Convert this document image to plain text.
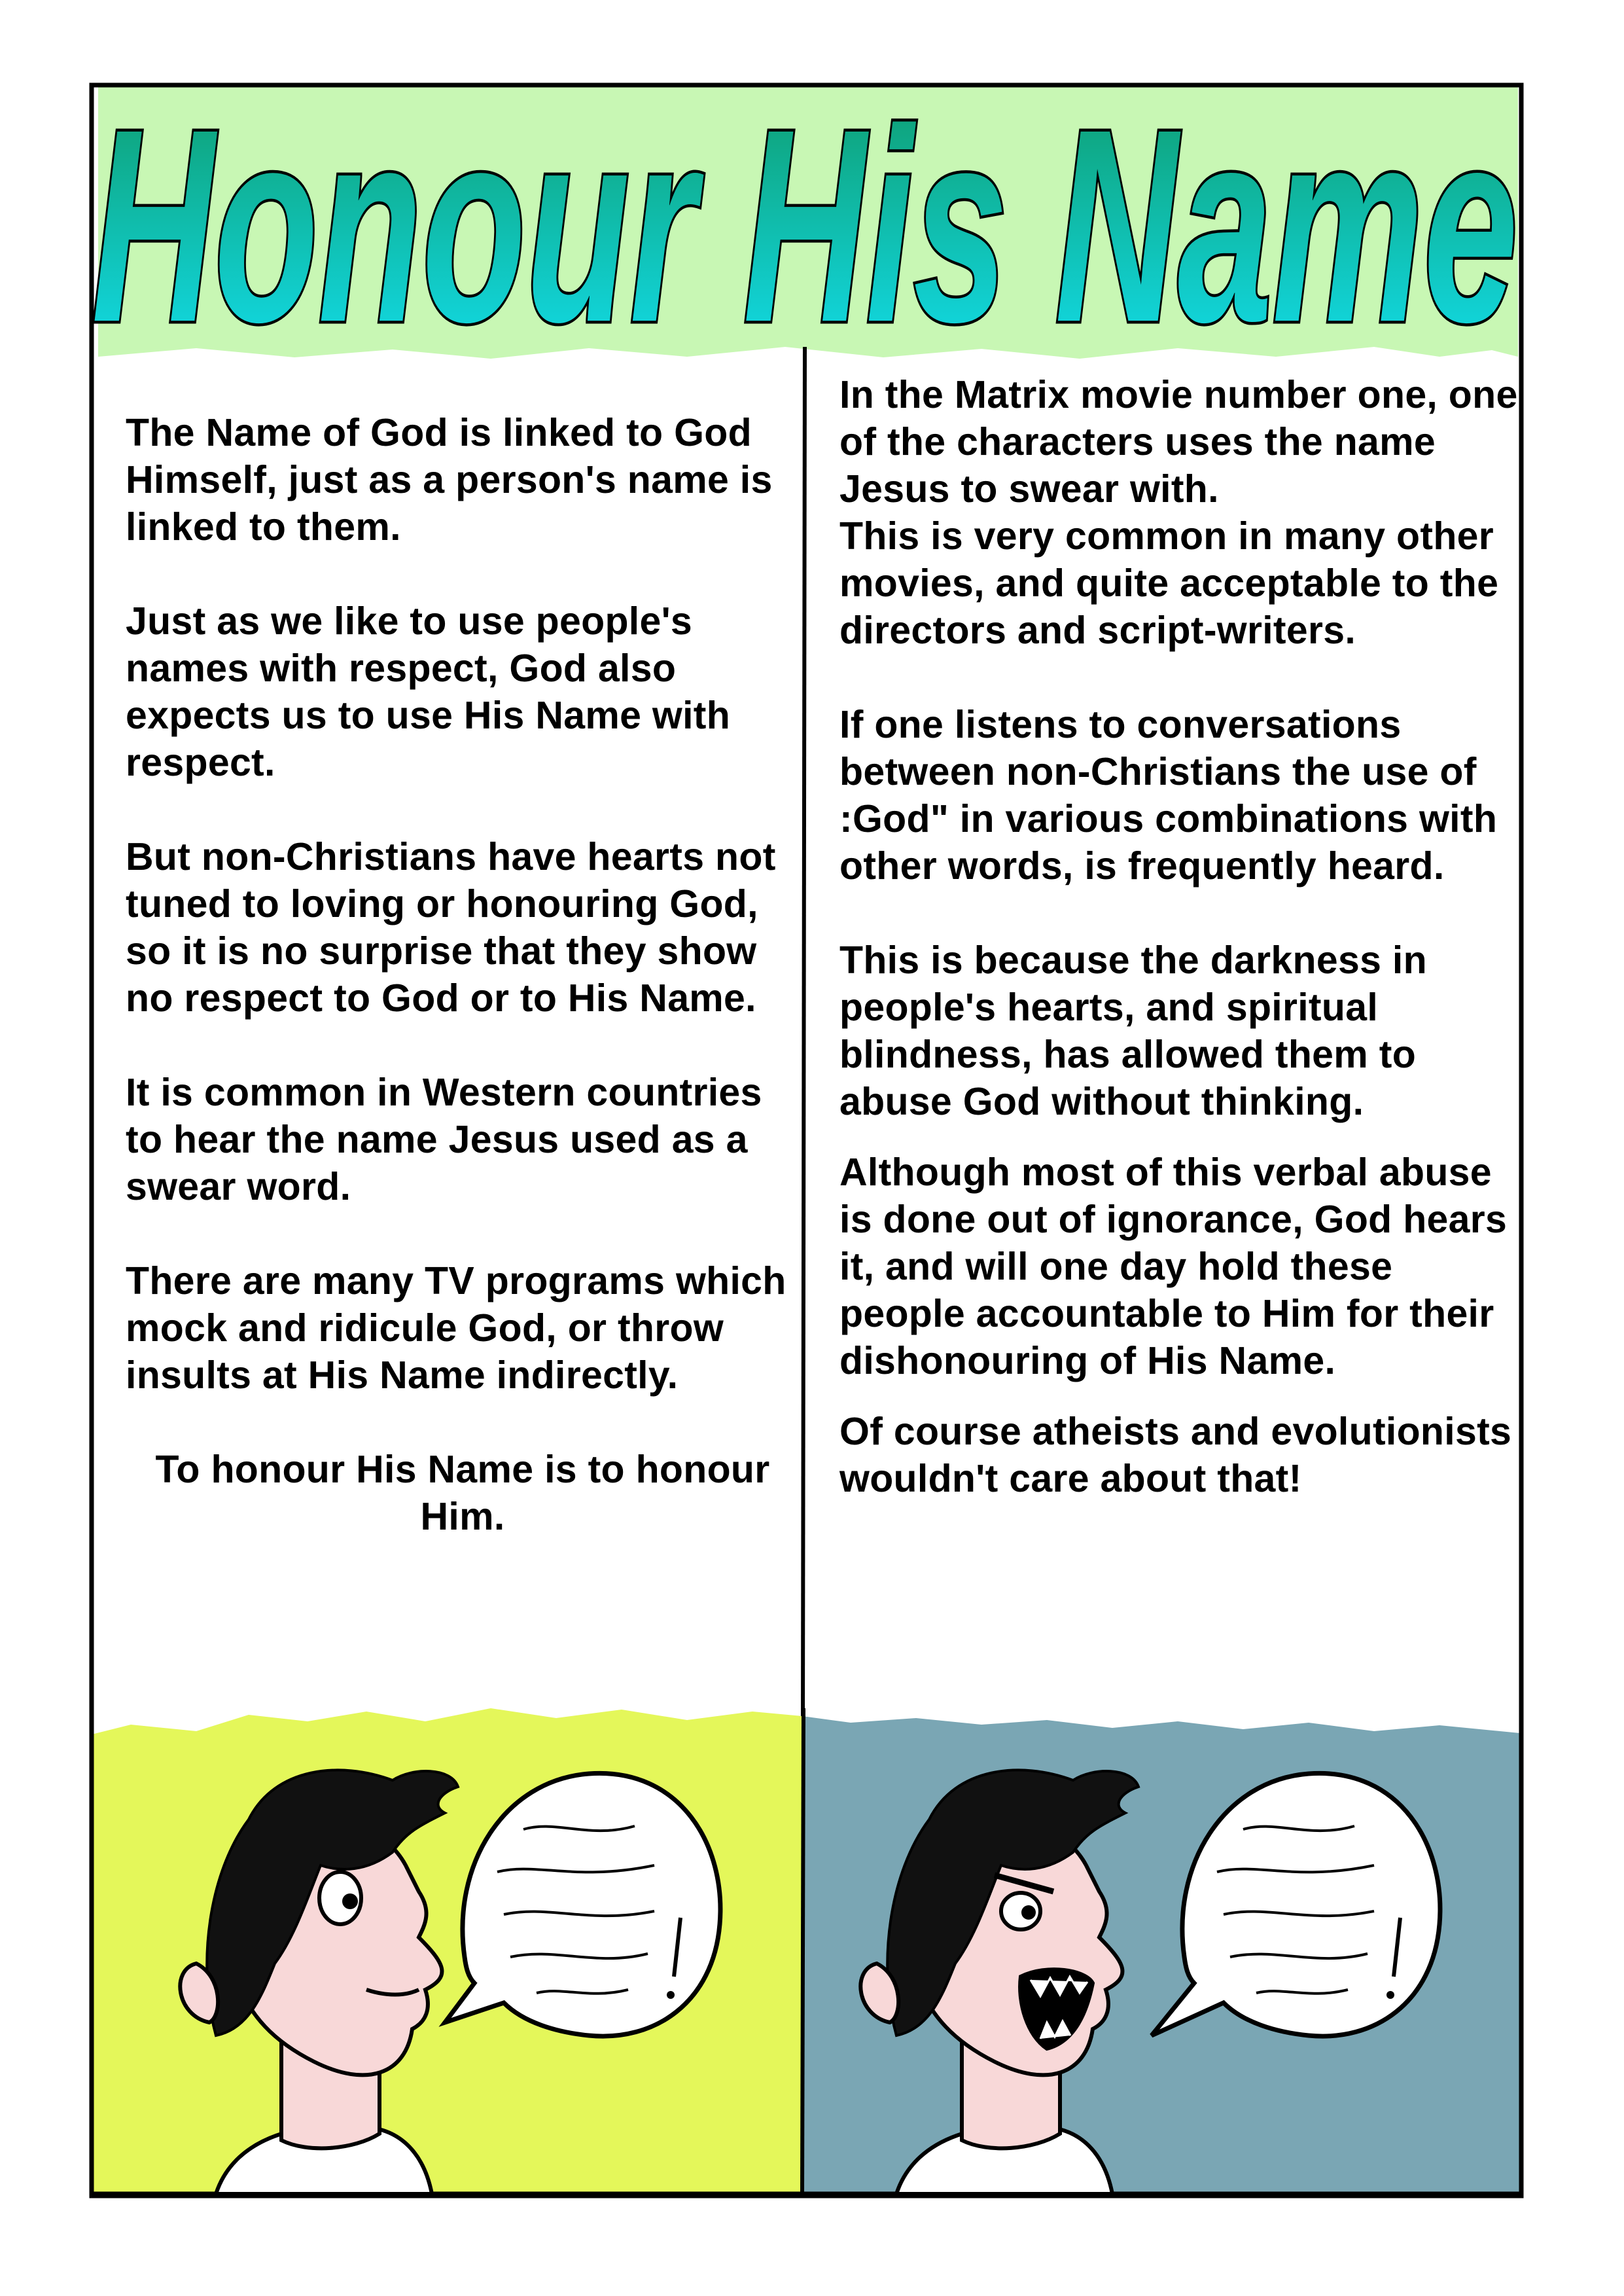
Honour His Name

The Name of God is linked to God Himself, just as a person's name is linked to them.

Just as we like to use people's names with respect, God also expects us to use His Name with respect.

But non-Christians have hearts not tuned to loving or honouring God, so it is no surprise that they show no respect to God or to His Name.

It is common in Western countries to hear the name Jesus used as a swear word.

There are many TV programs which mock and ridicule God, or throw insults at His Name indirectly.

To honour His Name is to honour Him.

In the Matrix movie number one, one of the characters uses the name Jesus to swear with.

This is very common in many other movies, and quite acceptable to the directors and script-writers.

If one listens to conversations between non-Christians the use of :God" in various combinations with other words, is frequently heard.

This is because the darkness in people's hearts, and spiritual blindness, has allowed them to abuse God without thinking.

Although most of this verbal abuse is done out of ignorance, God hears it, and will one day hold these people accountable to Him for their dishonouring of His Name.

Of course atheists and evolutionists wouldn't care about that!
